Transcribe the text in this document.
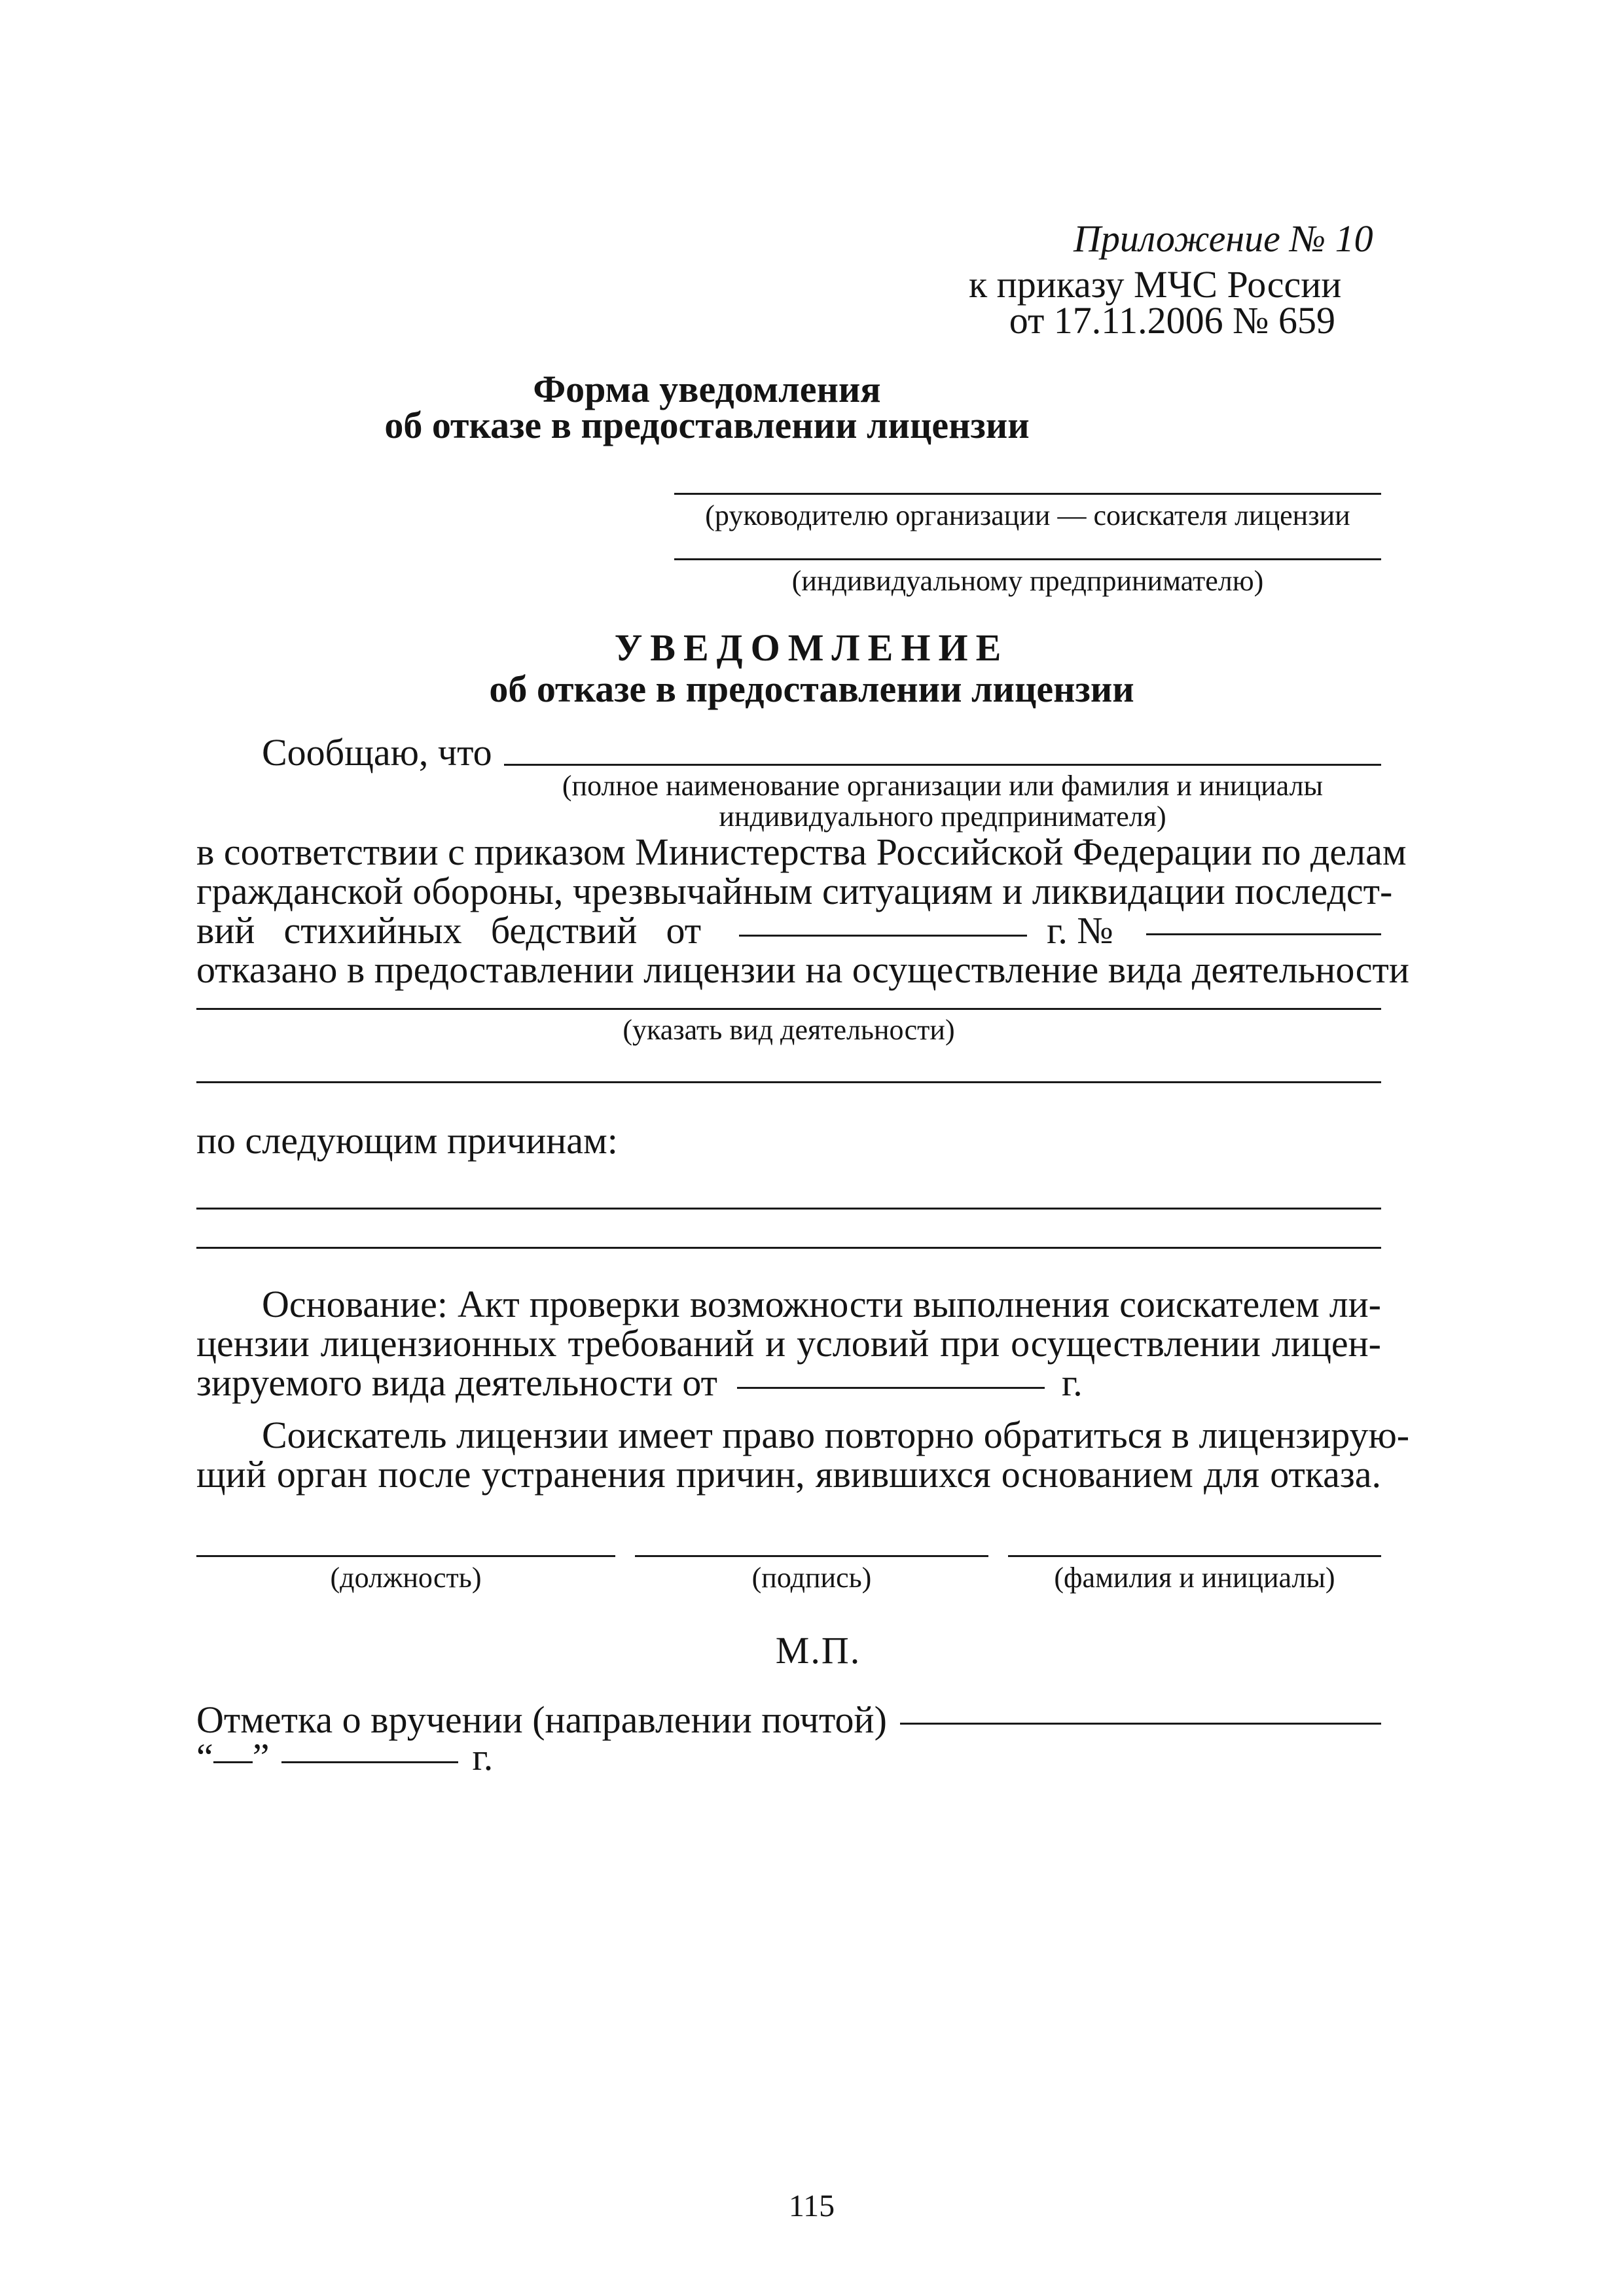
Приложение № 10
к приказу МЧС России
от 17.11.2006 № 659
Форма уведомления
об отказе в предоставлении лицензии
(руководителю организации — соискателя лицензии
(индивидуальному предпринимателю)
УВЕДОМЛЕНИЕ
об отказе в предоставлении лицензии
Сообщаю, что
(полное наименование организации или фамилия и инициалы
индивидуального предпринимателя)
в соответствии с приказом Министерства Российской Федерации по делам
гражданской обороны, чрезвычайным ситуациям и ликвидации последст-
вий стихийных бедствий от	г. №
отказано в предоставлении лицензии на осуществление вида деятельности
(указать вид деятельности)
по следующим причинам:
Основание: Акт проверки возможности выполнения соискателем ли-
цензии лицензионных требований и условий при осуществлении лицен-
зируемого вида деятельности от	г.
Соискатель лицензии имеет право повторно обратиться в лицензирую-
щий орган после устранения причин, явившихся основанием для отказа.
(должность)	(подпись)	(фамилия и инициалы)
М.П.
Отметка о вручении (направлении почтой)
“ ”	г.
115
